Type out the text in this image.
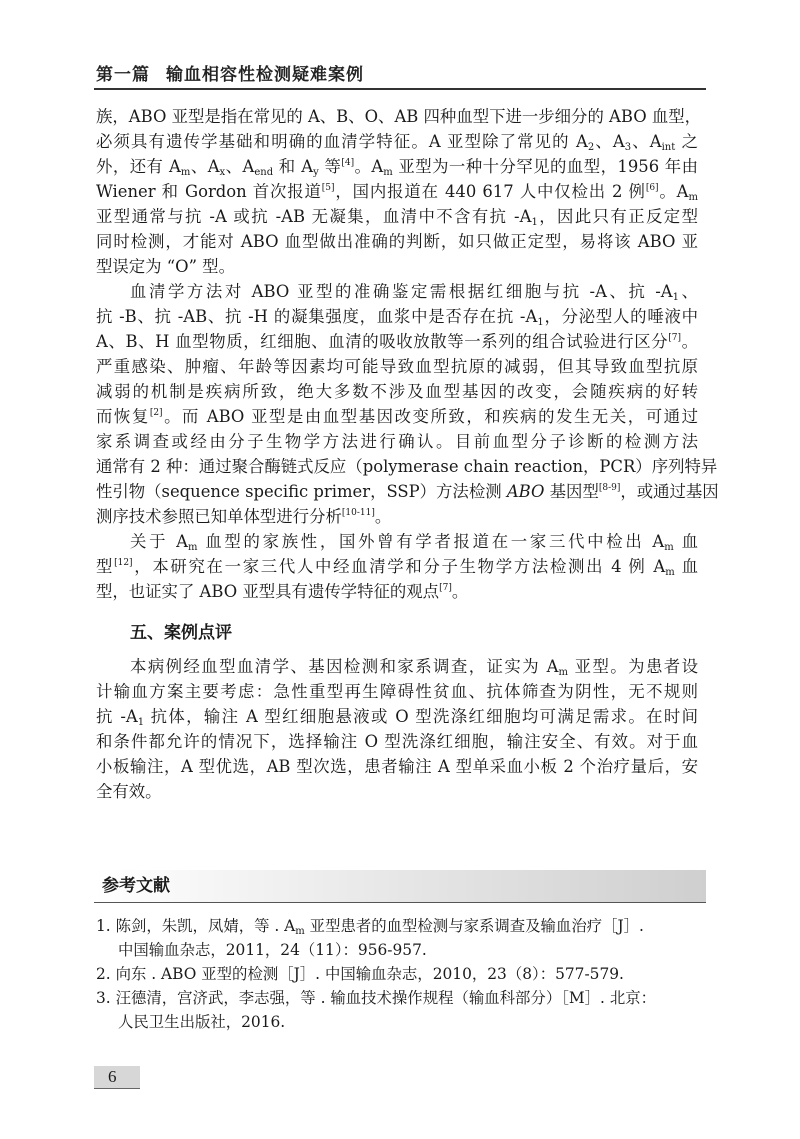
第一篇 输血相容性检测疑难案例
族，ABO 亚型是指在常见的 A、B、O、AB 四种血型下进一步细分的 ABO 血型，
必须具有遗传学基础和明确的血清学特征。A 亚型除了常见的 $A_2$、$A_3$、$A_{int}$ 之
外，还有 $A_m$、$A_x$、$A_{end}$ 和 $A_y$ 等[4]。$A_m$ 亚型为一种十分罕见的血型，1956 年由
Wiener 和 Gordon 首次报道[5]，国内报道在 440 617 人中仅检出 2 例[6]。$A_m$
亚型通常与抗 -A 或抗 -AB 无凝集，血清中不含有抗 $-A_1$，因此只有正反定型
同时检测，才能对 ABO 血型做出准确的判断，如只做正定型，易将该 ABO 亚
型误定为 “O” 型。
血清学方法对 ABO 亚型的准确鉴定需根据红细胞与抗 -A、抗 $-A_1$、
抗 -B、抗 -AB、抗 -H 的凝集强度，血浆中是否存在抗 $-A_1$，分泌型人的唾液中
A、B、H 血型物质，红细胞、血清的吸收放散等一系列的组合试验进行区分[7]。
严重感染、肿瘤、年龄等因素均可能导致血型抗原的减弱，但其导致血型抗原
减弱的机制是疾病所致，绝大多数不涉及血型基因的改变，会随疾病的好转
而恢复[2]。而 ABO 亚型是由血型基因改变所致，和疾病的发生无关，可通过
家系调查或经由分子生物学方法进行确认。目前血型分子诊断的检测方法
通常有 2 种：通过聚合酶链式反应（polymerase chain reaction，PCR）序列特异
性引物（sequence specific primer，SSP）方法检测 ABO 基因型[8-9]，或通过基因
测序技术参照已知单体型进行分析[10-11]。
关于 $A_m$ 血型的家族性，国外曾有学者报道在一家三代中检出 $A_m$ 血
型[12]，本研究在一家三代人中经血清学和分子生物学方法检测出 4 例 $A_m$ 血
型，也证实了 ABO 亚型具有遗传学特征的观点[7]。
五、案例点评
本病例经血型血清学、基因检测和家系调查，证实为 $A_m$ 亚型。为患者设
计输血方案主要考虑：急性重型再生障碍性贫血、抗体筛查为阴性，无不规则
抗 $-A_1$ 抗体，输注 A 型红细胞悬液或 O 型洗涤红细胞均可满足需求。在时间
和条件都允许的情况下，选择输注 O 型洗涤红细胞，输注安全、有效。对于血
小板输注，A 型优选，AB 型次选，患者输注 A 型单采血小板 2 个治疗量后，安
全有效。
参考文献
1. 陈剑，朱凯，凤婧，等 . $A_m$ 亚型患者的血型检测与家系调查及输血治疗［J］.
中国输血杂志，2011，24（11）：956-957.
2. 向东 . ABO 亚型的检测［J］. 中国输血杂志，2010，23（8）：577-579.
3. 汪德清，宫济武，李志强，等 . 输血技术操作规程（输血科部分）［M］. 北京：
人民卫生出版社，2016.
6
